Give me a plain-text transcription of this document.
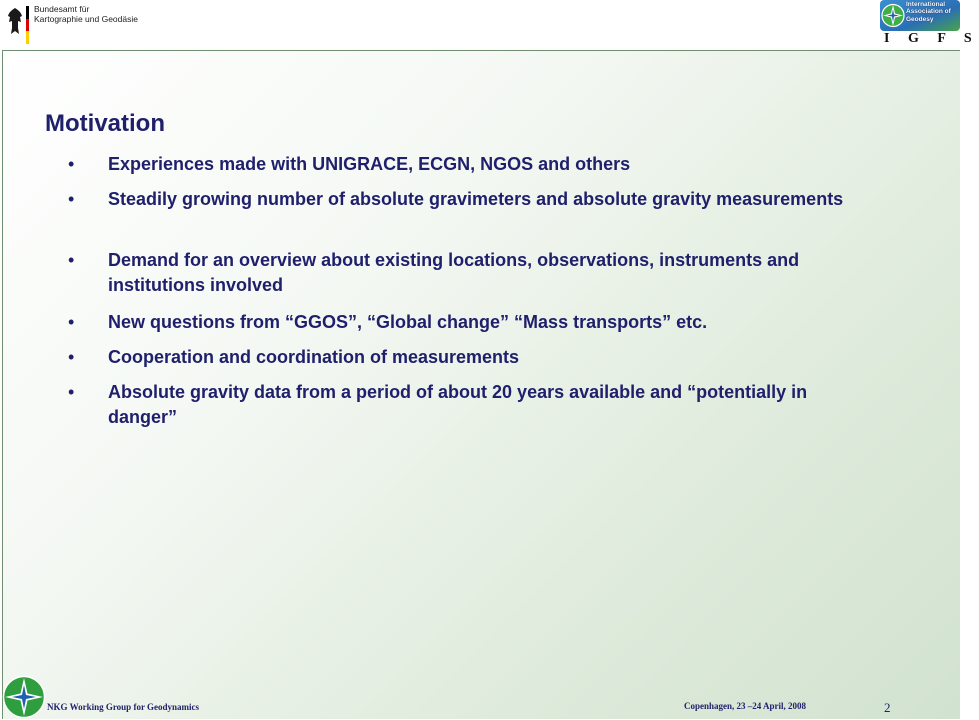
Bundesamt für
Kartographie und Geodäsie
International
Association of
Geodesy
I G F S
Motivation
• Experiences made with UNIGRACE, ECGN, NGOS and others
• Steadily growing number of absolute gravimeters and absolute gravity measurements
• Demand for an overview about existing locations, observations, instruments and institutions involved
• New questions from “GGOS”, “Global change” “Mass transports” etc.
• Cooperation and coordination of measurements
• Absolute gravity data from a period of about 20 years available and “potentially in danger”
NKG Working Group for Geodynamics	Copenhagen, 23 –24 April, 2008	2
